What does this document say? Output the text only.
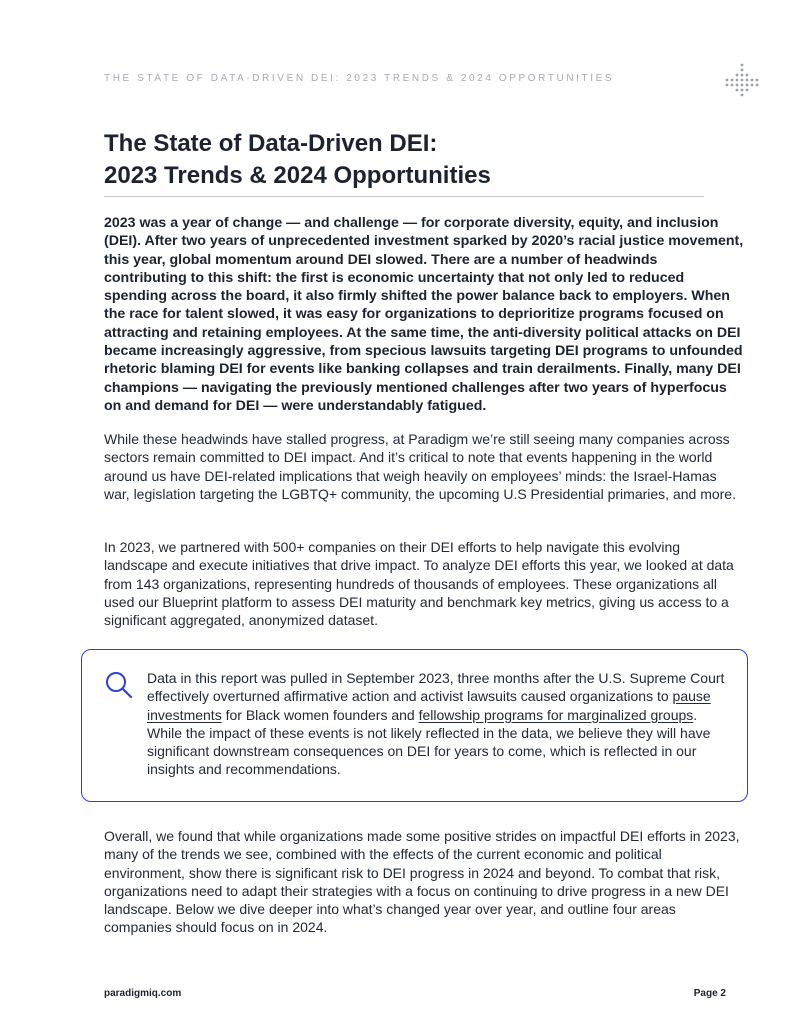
THE STATE OF DATA-DRIVEN DEI: 2023 TRENDS & 2024 OPPORTUNITIES
The State of Data-Driven DEI:
2023 Trends & 2024 Opportunities

2023 was a year of change — and challenge — for corporate diversity, equity, and inclusion (DEI). After two years of unprecedented investment sparked by 2020’s racial justice movement, this year, global momentum around DEI slowed. There are a number of headwinds contributing to this shift: the first is economic uncertainty that not only led to reduced spending across the board, it also firmly shifted the power balance back to employers. When the race for talent slowed, it was easy for organizations to deprioritize programs focused on attracting and retaining employees. At the same time, the anti-diversity political attacks on DEI became increasingly aggressive, from specious lawsuits targeting DEI programs to unfounded rhetoric blaming DEI for events like banking collapses and train derailments. Finally, many DEI champions — navigating the previously mentioned challenges after two years of hyperfocus on and demand for DEI — were understandably fatigued.

While these headwinds have stalled progress, at Paradigm we’re still seeing many companies across sectors remain committed to DEI impact. And it’s critical to note that events happening in the world around us have DEI-related implications that weigh heavily on employees’ minds: the Israel-Hamas war, legislation targeting the LGBTQ+ community, the upcoming U.S Presidential primaries, and more.

In 2023, we partnered with 500+ companies on their DEI efforts to help navigate this evolving landscape and execute initiatives that drive impact. To analyze DEI efforts this year, we looked at data from 143 organizations, representing hundreds of thousands of employees. These organizations all used our Blueprint platform to assess DEI maturity and benchmark key metrics, giving us access to a significant aggregated, anonymized dataset.

Data in this report was pulled in September 2023, three months after the U.S. Supreme Court effectively overturned affirmative action and activist lawsuits caused organizations to pause investments for Black women founders and fellowship programs for marginalized groups. While the impact of these events is not likely reflected in the data, we believe they will have significant downstream consequences on DEI for years to come, which is reflected in our insights and recommendations.

Overall, we found that while organizations made some positive strides on impactful DEI efforts in 2023, many of the trends we see, combined with the effects of the current economic and political environment, show there is significant risk to DEI progress in 2024 and beyond. To combat that risk, organizations need to adapt their strategies with a focus on continuing to drive progress in a new DEI landscape. Below we dive deeper into what’s changed year over year, and outline four areas companies should focus on in 2024.

paradigmiq.com	Page 2
